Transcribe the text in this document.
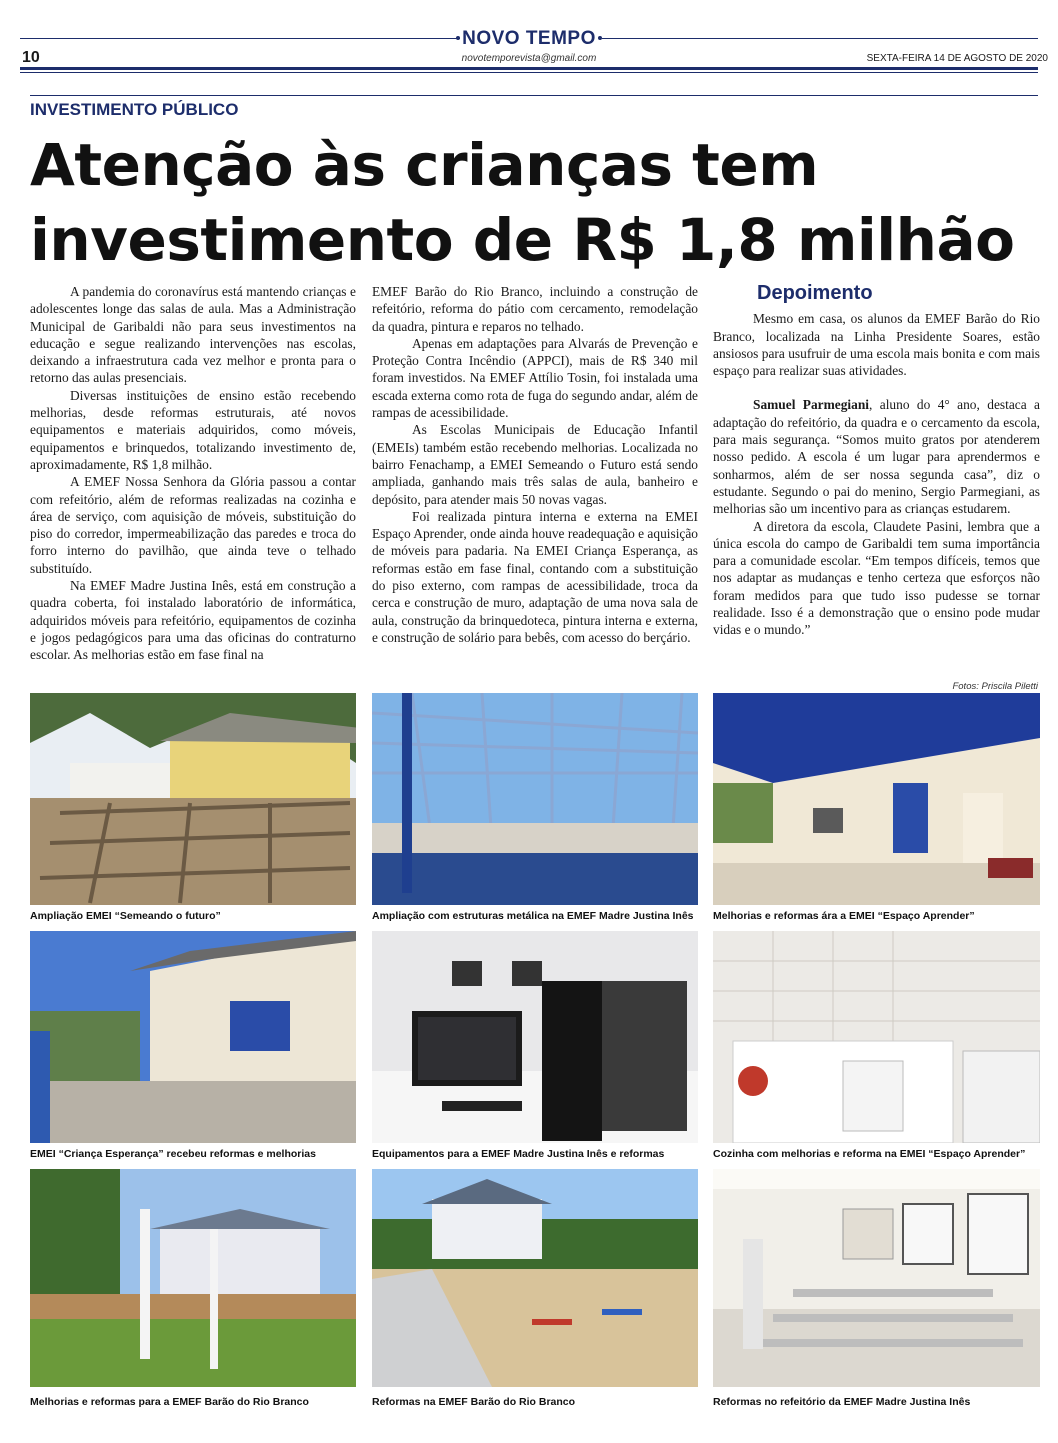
NOVO TEMPO
novotemporevista@gmail.com
10	SEXTA-FEIRA 14 DE AGOSTO DE 2020
INVESTIMENTO PÚBLICO
Atenção às crianças tem
investimento de R$ 1,8 milhão

A pandemia do coronavírus está mantendo crianças e adolescentes longe das salas de aula. Mas a Administração Municipal de Garibaldi não para seus investimentos na educação e segue realizando intervenções nas escolas, deixando a infraestrutura cada vez melhor e pronta para o retorno das aulas presenciais.

Diversas instituições de ensino estão recebendo melhorias, desde reformas estruturais, até novos equipamentos e materiais adquiridos, como móveis, equipamentos e brinquedos, totalizando investimento de, aproximadamente, R$ 1,8 milhão.

A EMEF Nossa Senhora da Glória passou a contar com refeitório, além de reformas realizadas na cozinha e área de serviço, com aquisição de móveis, substituição do piso do corredor, impermeabilização das paredes e troca do forro interno do pavilhão, que ainda teve o telhado substituído.

Na EMEF Madre Justina Inês, está em construção a quadra coberta, foi instalado laboratório de informática, adquiridos móveis para refeitório, equipamentos de cozinha e jogos pedagógicos para uma das oficinas do contraturno escolar. As melhorias estão em fase final na

EMEF Barão do Rio Branco, incluindo a construção de refeitório, reforma do pátio com cercamento, remodelação da quadra, pintura e reparos no telhado.

Apenas em adaptações para Alvarás de Prevenção e Proteção Contra Incêndio (APPCI), mais de R$ 340 mil foram investidos. Na EMEF Attílio Tosin, foi instalada uma escada externa como rota de fuga do segundo andar, além de rampas de acessibilidade.

As Escolas Municipais de Educação Infantil (EMEIs) também estão recebendo melhorias. Localizada no bairro Fenachamp, a EMEI Semeando o Futuro está sendo ampliada, ganhando mais três salas de aula, banheiro e depósito, para atender mais 50 novas vagas.

Foi realizada pintura interna e externa na EMEI Espaço Aprender, onde ainda houve readequação e aquisição de móveis para padaria. Na EMEI Criança Esperança, as reformas estão em fase final, contando com a substituição do piso externo, com rampas de acessibilidade, troca da cerca e construção de muro, adaptação de uma nova sala de aula, construção da brinquedoteca, pintura interna e externa, e construção de solário para bebês, com acesso do berçário.

Depoimento

Mesmo em casa, os alunos da EMEF Barão do Rio Branco, localizada na Linha Presidente Soares, estão ansiosos para usufruir de uma escola mais bonita e com mais espaço para realizar suas atividades.

Samuel Parmegiani, aluno do 4° ano, destaca a adaptação do refeitório, da quadra e o cercamento da escola, para mais segurança. “Somos muito gratos por atenderem nosso pedido. A escola é um lugar para aprendermos e sonharmos, além de ser nossa segunda casa”, diz o estudante. Segundo o pai do menino, Sergio Parmegiani, as melhorias são um incentivo para as crianças estudarem.

A diretora da escola, Claudete Pasini, lembra que a única escola do campo de Garibaldi tem suma importância para a comunidade escolar. “Em tempos difíceis, temos que nos adaptar as mudanças e tenho certeza que esforços não foram medidos para que tudo isso pudesse se tornar realidade. Isso é a demonstração que o ensino pode mudar vidas e o mundo.”

Fotos: Priscila Piletti
Ampliação EMEI “Semeando o futuro”	Ampliação com estruturas metálica na EMEF Madre Justina Inês Melhorias e reformas ára a EMEI “Espaço Aprender”
EMEI “Criança Esperança” recebeu reformas e melhorias	Equipamentos para a EMEF Madre Justina Inês e reformas	Cozinha com melhorias e reforma na EMEI “Espaço Aprender”
Melhorias e reformas para a EMEF Barão do Rio Branco	Reformas na EMEF Barão do Rio Branco	Reformas no refeitório da EMEF Madre Justina Inês
